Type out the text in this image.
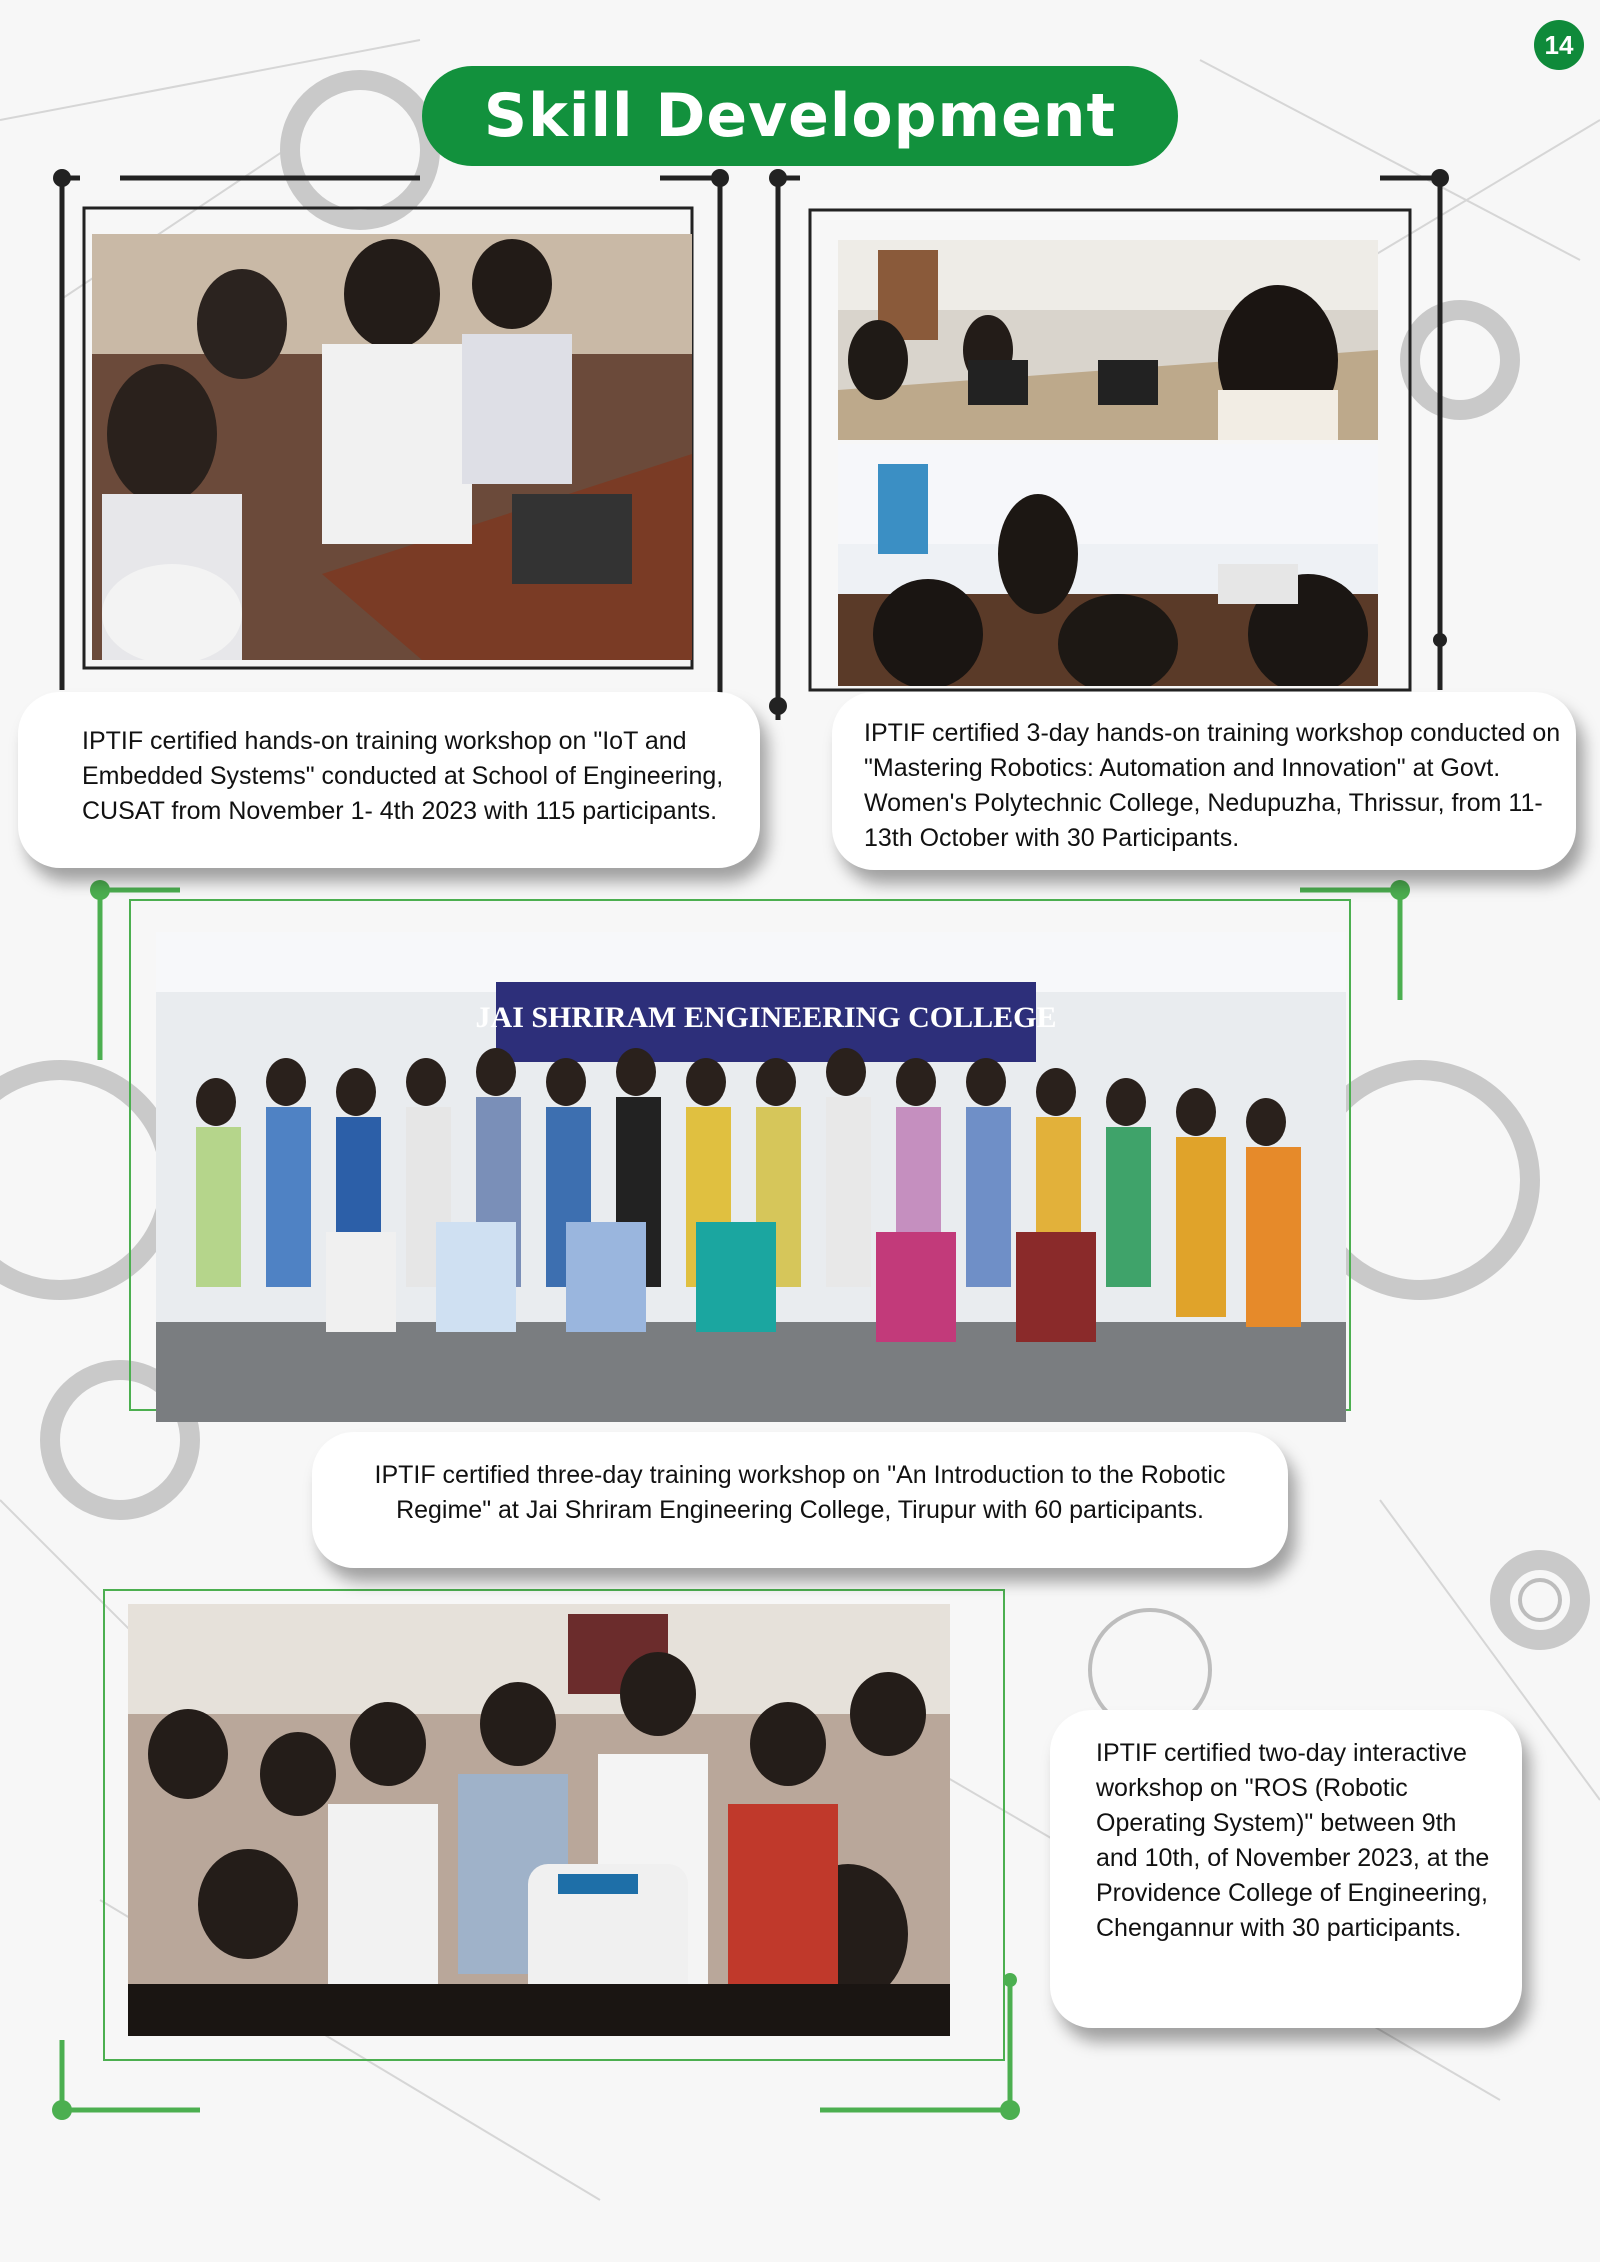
14
Skill Development
JAI SHRIRAM ENGINEERING COLLEGE
IPTIF certified hands-on training workshop on "IoT and Embedded Systems" conducted at School of Engineering, CUSAT from November 1- 4th 2023 with 115 participants.
IPTIF certified 3-day hands-on training workshop conducted on "Mastering Robotics: Automation and Innovation" at Govt. Women's Polytechnic College, Nedupuzha, Thrissur, from 11-13th October with 30 Participants.
IPTIF certified three-day training workshop on "An Introduction to the Robotic Regime" at Jai Shriram Engineering College, Tirupur with 60 participants.
IPTIF certified two-day interactive workshop on "ROS (Robotic Operating System)" between 9th and 10th, of November 2023, at the Providence College of Engineering, Chengannur with 30 participants.
